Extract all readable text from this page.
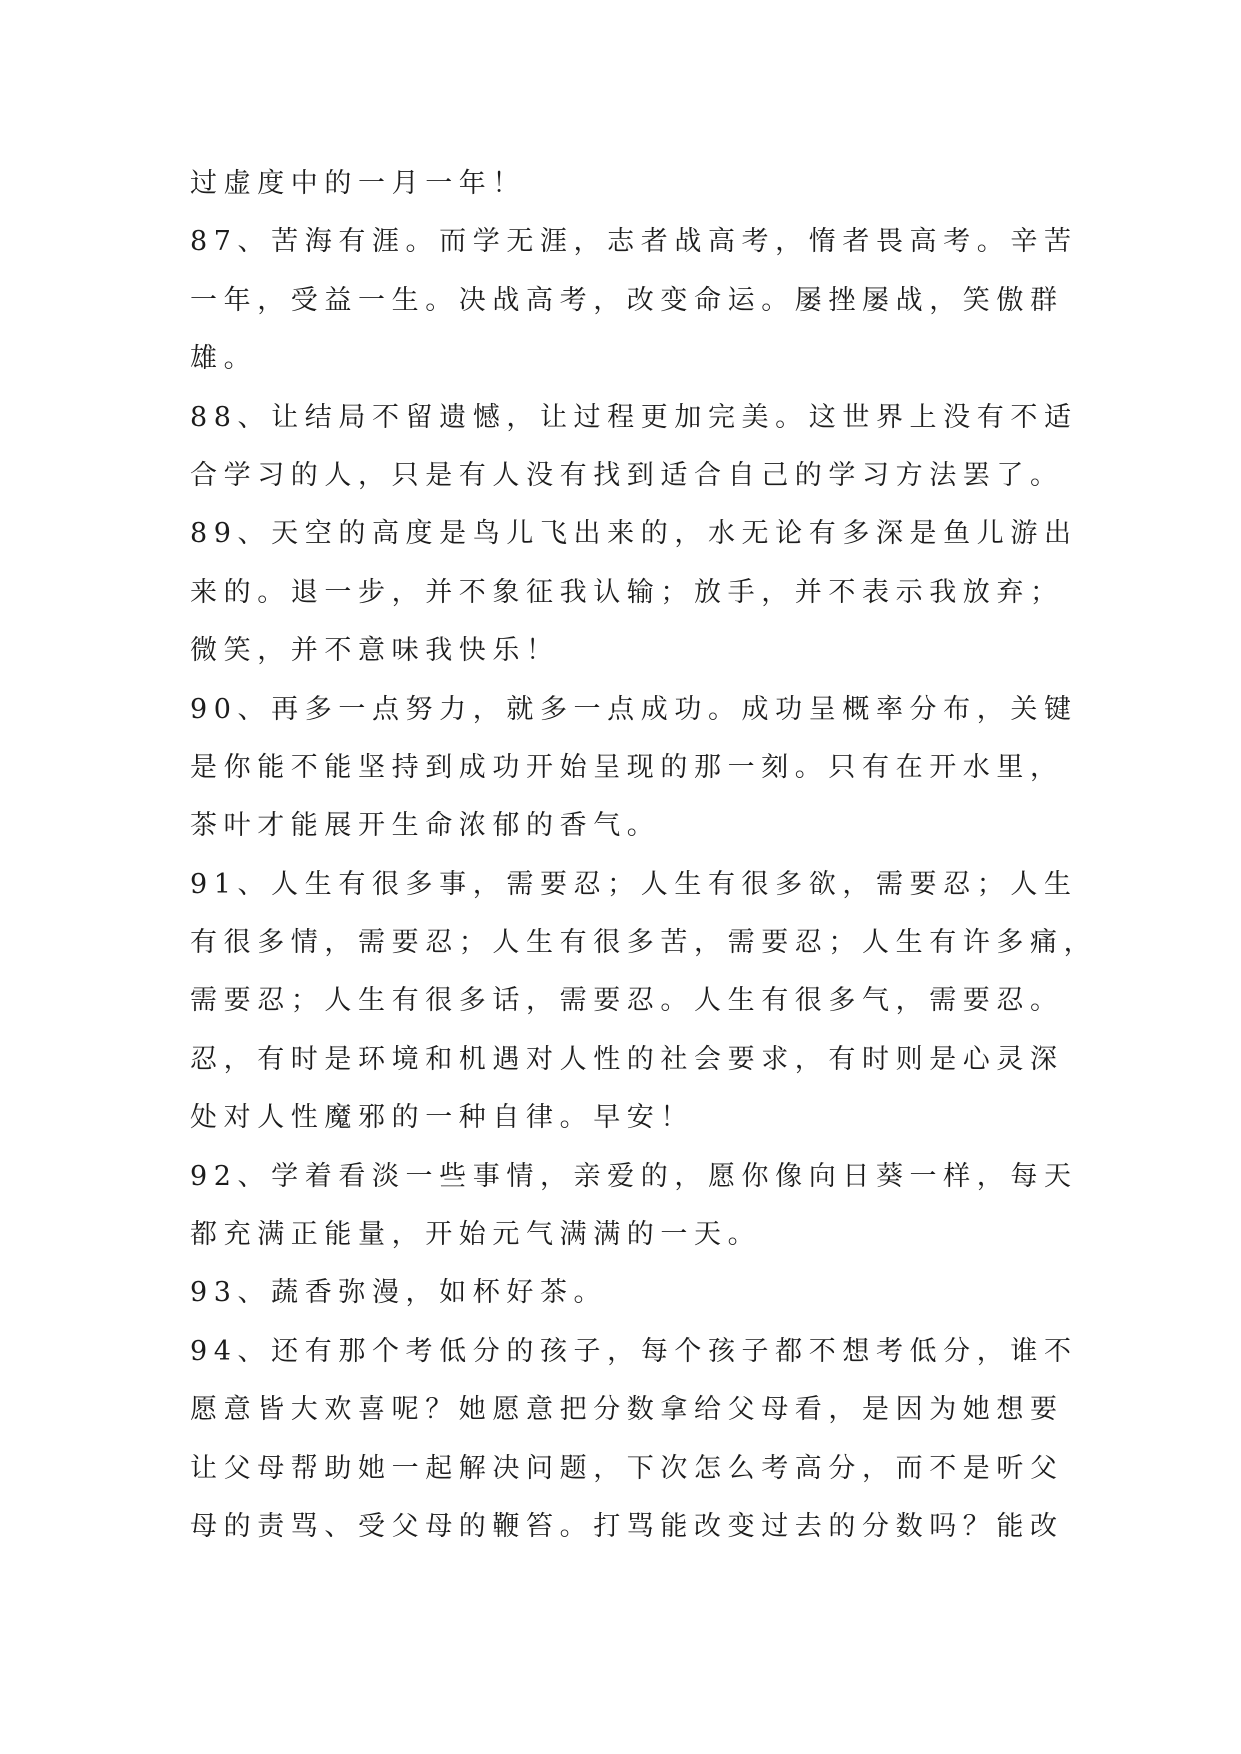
过虚度中的一月一年！
87、苦海有涯。而学无涯，志者战高考，惰者畏高考。辛苦
一年，受益一生。决战高考，改变命运。屡挫屡战，笑傲群
雄。
88、让结局不留遗憾，让过程更加完美。这世界上没有不适
合学习的人，只是有人没有找到适合自己的学习方法罢了。
89、天空的高度是鸟儿飞出来的，水无论有多深是鱼儿游出
来的。退一步，并不象征我认输；放手，并不表示我放弃；
微笑，并不意味我快乐！
90、再多一点努力，就多一点成功。成功呈概率分布，关键
是你能不能坚持到成功开始呈现的那一刻。只有在开水里，
茶叶才能展开生命浓郁的香气。
91、人生有很多事，需要忍；人生有很多欲，需要忍；人生
有很多情，需要忍；人生有很多苦，需要忍；人生有许多痛，
需要忍；人生有很多话，需要忍。人生有很多气，需要忍。
忍，有时是环境和机遇对人性的社会要求，有时则是心灵深
处对人性魔邪的一种自律。早安！
92、学着看淡一些事情，亲爱的，愿你像向日葵一样，每天
都充满正能量，开始元气满满的一天。
93、蔬香弥漫，如杯好茶。
94、还有那个考低分的孩子，每个孩子都不想考低分，谁不
愿意皆大欢喜呢？她愿意把分数拿给父母看，是因为她想要
让父母帮助她一起解决问题，下次怎么考高分，而不是听父
母的责骂、受父母的鞭笞。打骂能改变过去的分数吗？能改
